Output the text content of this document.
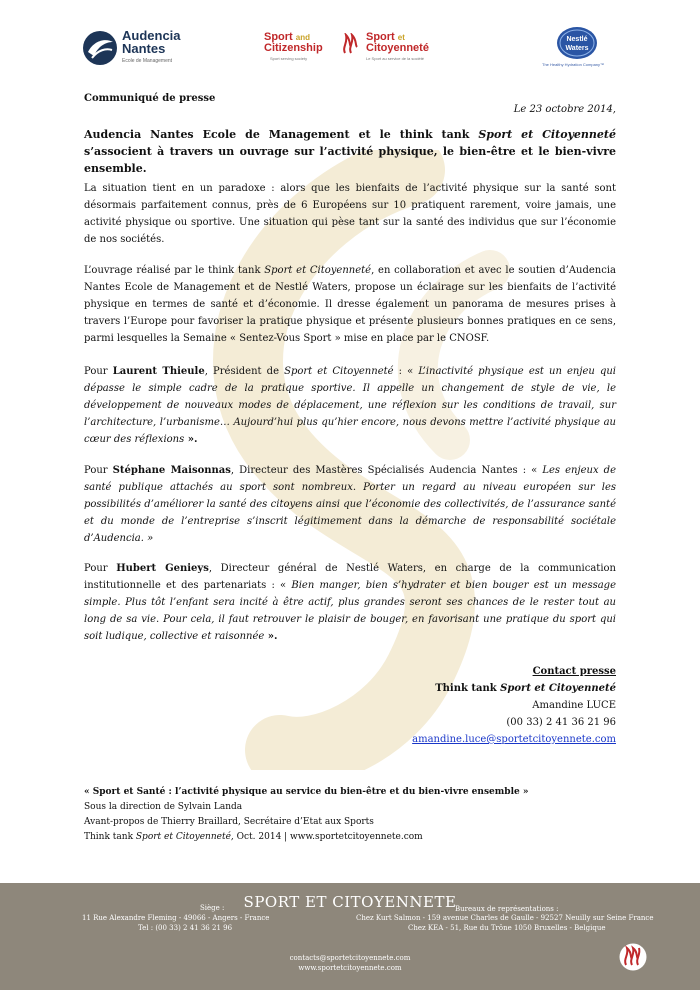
Audencia
Nantes
Ecole de Management
Sport and
Citizenship
Sport et
Citoyenneté
Sport serving society	Le Sport au service de la société
Nestlé
Waters
The Healthy Hydration Company™
Communiqué de presse
Le 23 octobre 2014,

Audencia Nantes Ecole de Management et le think tank Sport et Citoyenneté s’associent à travers un ouvrage sur l’activité physique, le bien-être et le bien-vivre ensemble.

La situation tient en un paradoxe : alors que les bienfaits de l’activité physique sur la santé sont désormais parfaitement connus, près de 6 Européens sur 10 pratiquent rarement, voire jamais, une activité physique ou sportive. Une situation qui pèse tant sur la santé des individus que sur l’économie de nos sociétés.

L’ouvrage réalisé par le think tank Sport et Citoyenneté, en collaboration et avec le soutien d’Audencia Nantes Ecole de Management et de Nestlé Waters, propose un éclairage sur les bienfaits de l’activité physique en termes de santé et d’économie. Il dresse également un panorama de mesures prises à travers l’Europe pour favoriser la pratique physique et présente plusieurs bonnes pratiques en ce sens, parmi lesquelles la Semaine « Sentez-Vous Sport » mise en place par le CNOSF.

Pour Laurent Thieule, Président de Sport et Citoyenneté : « L’inactivité physique est un enjeu qui dépasse le simple cadre de la pratique sportive. Il appelle un changement de style de vie, le développement de nouveaux modes de déplacement, une réflexion sur les conditions de travail, sur l’architecture, l’urbanisme… Aujourd’hui plus qu’hier encore, nous devons mettre l’activité physique au cœur des réflexions ».

Pour Stéphane Maisonnas, Directeur des Mastères Spécialisés Audencia Nantes : « Les enjeux de santé publique attachés au sport sont nombreux. Porter un regard au niveau européen sur les possibilités d’améliorer la santé des citoyens ainsi que l’économie des collectivités, de l’assurance santé et du monde de l’entreprise s’inscrit légitimement dans la démarche de responsabilité sociétale d’Audencia. »

Pour Hubert Genieys, Directeur général de Nestlé Waters, en charge de la communication institutionnelle et des partenariats : « Bien manger, bien s’hydrater et bien bouger est un message simple. Plus tôt l’enfant sera incité à être actif, plus grandes seront ses chances de le rester tout au long de sa vie. Pour cela, il faut retrouver le plaisir de bouger, en favorisant une pratique du sport qui soit ludique, collective et raisonnée ».

Contact presse
Think tank Sport et Citoyenneté
Amandine LUCE
(00 33) 2 41 36 21 96
amandine.luce@sportetcitoyennete.com
« Sport et Santé : l’activité physique au service du bien-être et du bien-vivre ensemble »
Sous la direction de Sylvain Landa
Avant-propos de Thierry Braillard, Secrétaire d’Etat aux Sports
Think tank Sport et Citoyenneté, Oct. 2014 | www.sportetcitoyennete.com
SPORT ET CITOYENNETE
Siège :
11 Rue Alexandre Fleming - 49066 - Angers - France
Tel : (00 33) 2 41 36 21 96
Bureaux de représentations :
Chez Kurt Salmon - 159 avenue Charles de Gaulle - 92527 Neuilly sur Seine France
Chez KEA - 51, Rue du Trône 1050 Bruxelles - Belgique
contacts@sportetcitoyennete.com
www.sportetcitoyennete.com
